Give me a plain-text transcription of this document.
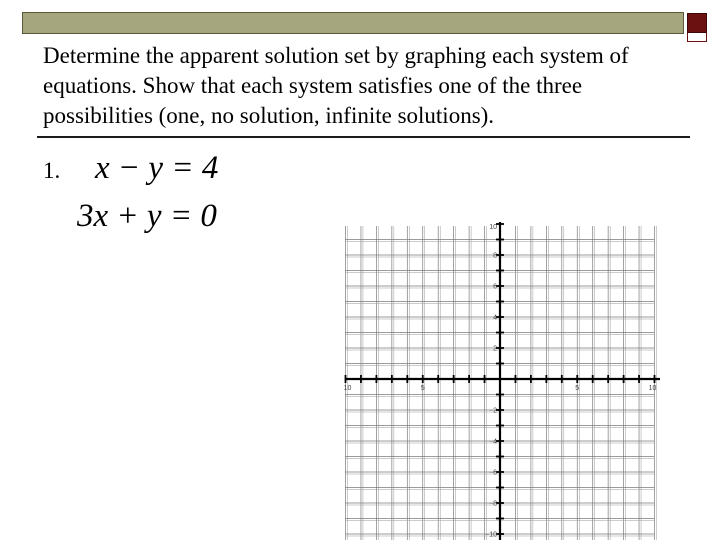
Determine the apparent solution set by graphing each system of equations. Show that each system satisfies one of the three possibilities (one, no solution, infinite solutions).

1. x − y = 4
3x + y = 0
10	5	5	10
10
8
6
4
2
−2
−4
−6
−8
−10
